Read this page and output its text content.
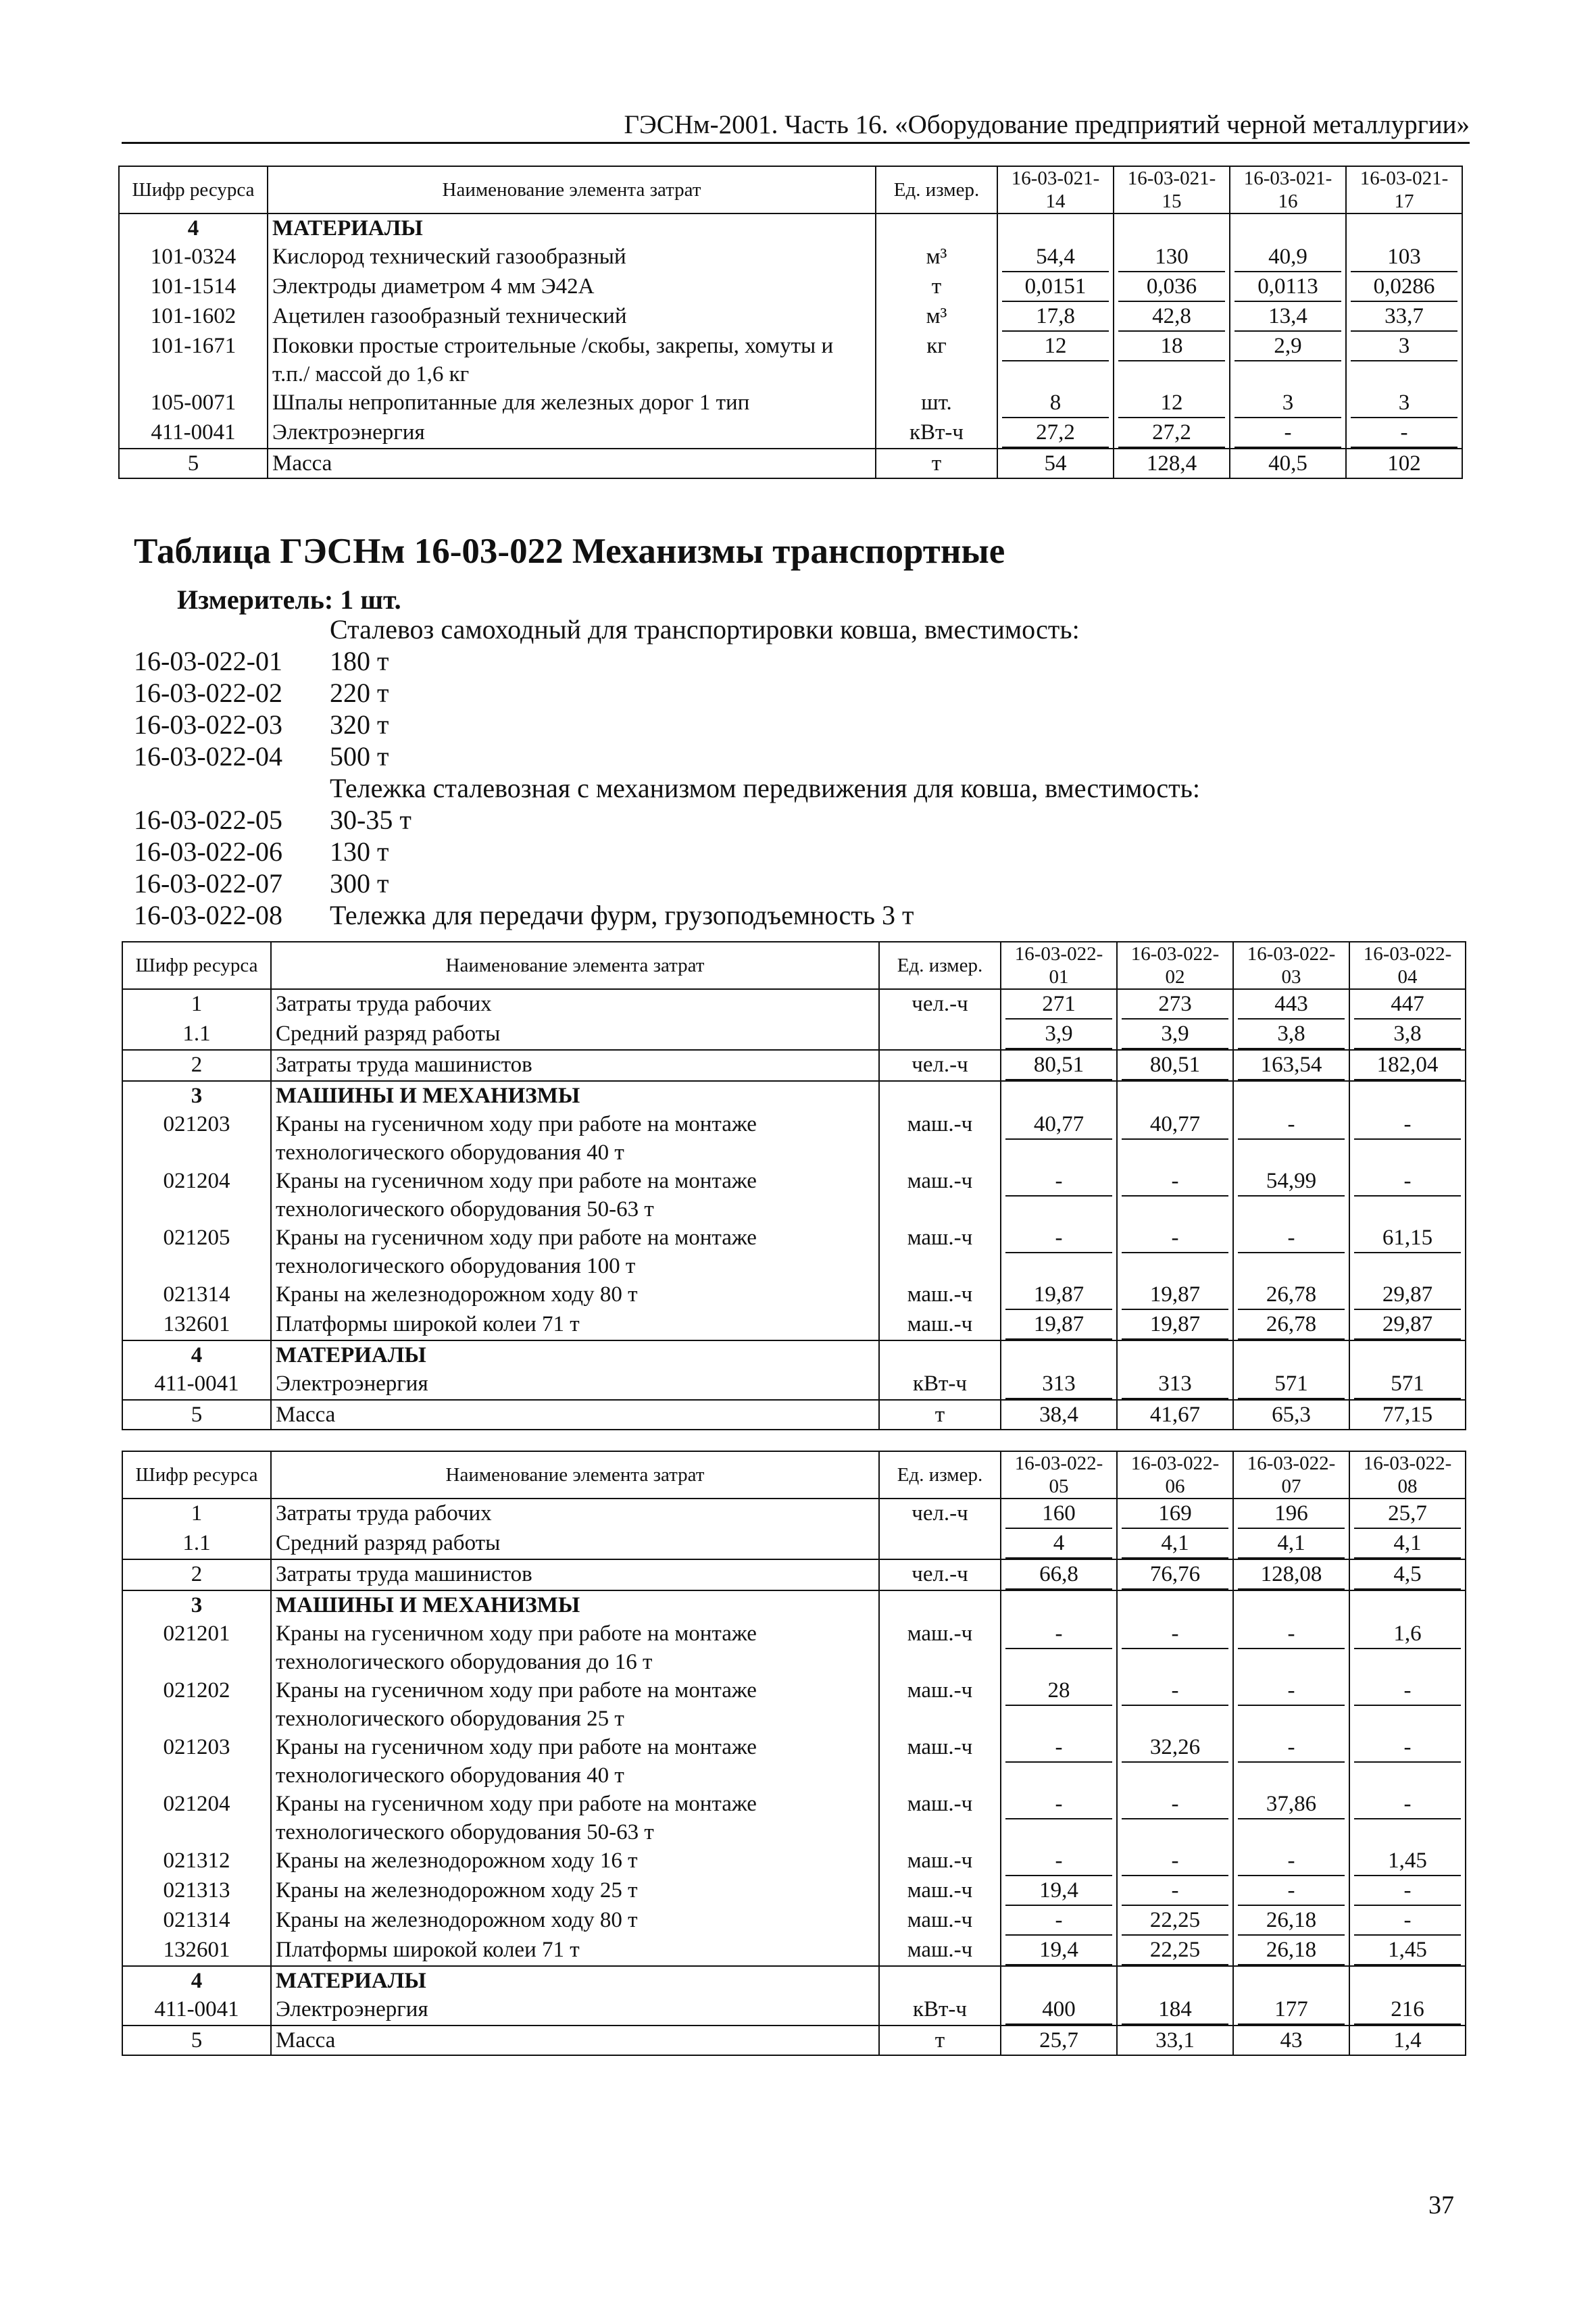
ГЭСНм-2001. Часть 16. «Оборудование предприятий черной металлургии»
Шифр ресурса	Наименование элемента затрат	Ед. измер.	16-03-021-14	16-03-021-15	16-03-021-16	16-03-021-17
4	МАТЕРИАЛЫ					
101-0324	Кислород технический газообразный	м³	54,4	130	40,9	103
101-1514	Электроды диаметром 4 мм Э42А	т	0,0151	0,036	0,0113	0,0286
101-1602	Ацетилен газообразный технический	м³	17,8	42,8	13,4	33,7
101-1671	Поковки простые строительные /скобы, закрепы, хомуты и т.п./ массой до 1,6 кг	кг	12	18	2,9	3
105-0071	Шпалы непропитанные для железных дорог 1 тип	шт.	8	12	3	3
411-0041	Электроэнергия	кВт-ч	27,2	27,2	-	-
5	Масса	т	54	128,4	40,5	102
Таблица ГЭСНм 16-03-022 Механизмы транспортные
Измеритель: 1 шт.
Сталевоз самоходный для транспортировки ковша, вместимость:
16-03-022-01 180 т
16-03-022-02 220 т
16-03-022-03 320 т
16-03-022-04 500 т
Тележка сталевозная с механизмом передвижения для ковша, вместимость:
16-03-022-05 30-35 т
16-03-022-06 130 т
16-03-022-07 300 т
16-03-022-08 Тележка для передачи фурм, грузоподъемность 3 т
Шифр ресурса	Наименование элемента затрат	Ед. измер.	16-03-022-01	16-03-022-02	16-03-022-03	16-03-022-04
1	Затраты труда рабочих	чел.-ч	271	273	443	447
1.1	Средний разряд работы		3,9	3,9	3,8	3,8
2	Затраты труда машинистов	чел.-ч	80,51	80,51	163,54	182,04
3	МАШИНЫ И МЕХАНИЗМЫ					
021203	Краны на гусеничном ходу при работе на монтаже технологического оборудования 40 т	маш.-ч	40,77	40,77	-	-
021204	Краны на гусеничном ходу при работе на монтаже технологического оборудования 50-63 т	маш.-ч	-	-	54,99	-
021205	Краны на гусеничном ходу при работе на монтаже технологического оборудования 100 т	маш.-ч	-	-	-	61,15
021314	Краны на железнодорожном ходу 80 т	маш.-ч	19,87	19,87	26,78	29,87
132601	Платформы широкой колеи 71 т	маш.-ч	19,87	19,87	26,78	29,87
4	МАТЕРИАЛЫ					
411-0041	Электроэнергия	кВт-ч	313	313	571	571
5	Масса	т	38,4	41,67	65,3	77,15
Шифр ресурса	Наименование элемента затрат	Ед. измер.	16-03-022-05	16-03-022-06	16-03-022-07	16-03-022-08
1	Затраты труда рабочих	чел.-ч	160	169	196	25,7
1.1	Средний разряд работы		4	4,1	4,1	4,1
2	Затраты труда машинистов	чел.-ч	66,8	76,76	128,08	4,5
3	МАШИНЫ И МЕХАНИЗМЫ					
021201	Краны на гусеничном ходу при работе на монтаже технологического оборудования до 16 т	маш.-ч	-	-	-	1,6
021202	Краны на гусеничном ходу при работе на монтаже технологического оборудования 25 т	маш.-ч	28	-	-	-
021203	Краны на гусеничном ходу при работе на монтаже технологического оборудования 40 т	маш.-ч	-	32,26	-	-
021204	Краны на гусеничном ходу при работе на монтаже технологического оборудования 50-63 т	маш.-ч	-	-	37,86	-
021312	Краны на железнодорожном ходу 16 т	маш.-ч	-	-	-	1,45
021313	Краны на железнодорожном ходу 25 т	маш.-ч	19,4	-	-	-
021314	Краны на железнодорожном ходу 80 т	маш.-ч	-	22,25	26,18	-
132601	Платформы широкой колеи 71 т	маш.-ч	19,4	22,25	26,18	1,45
4	МАТЕРИАЛЫ					
411-0041	Электроэнергия	кВт-ч	400	184	177	216
5	Масса	т	25,7	33,1	43	1,4
37
